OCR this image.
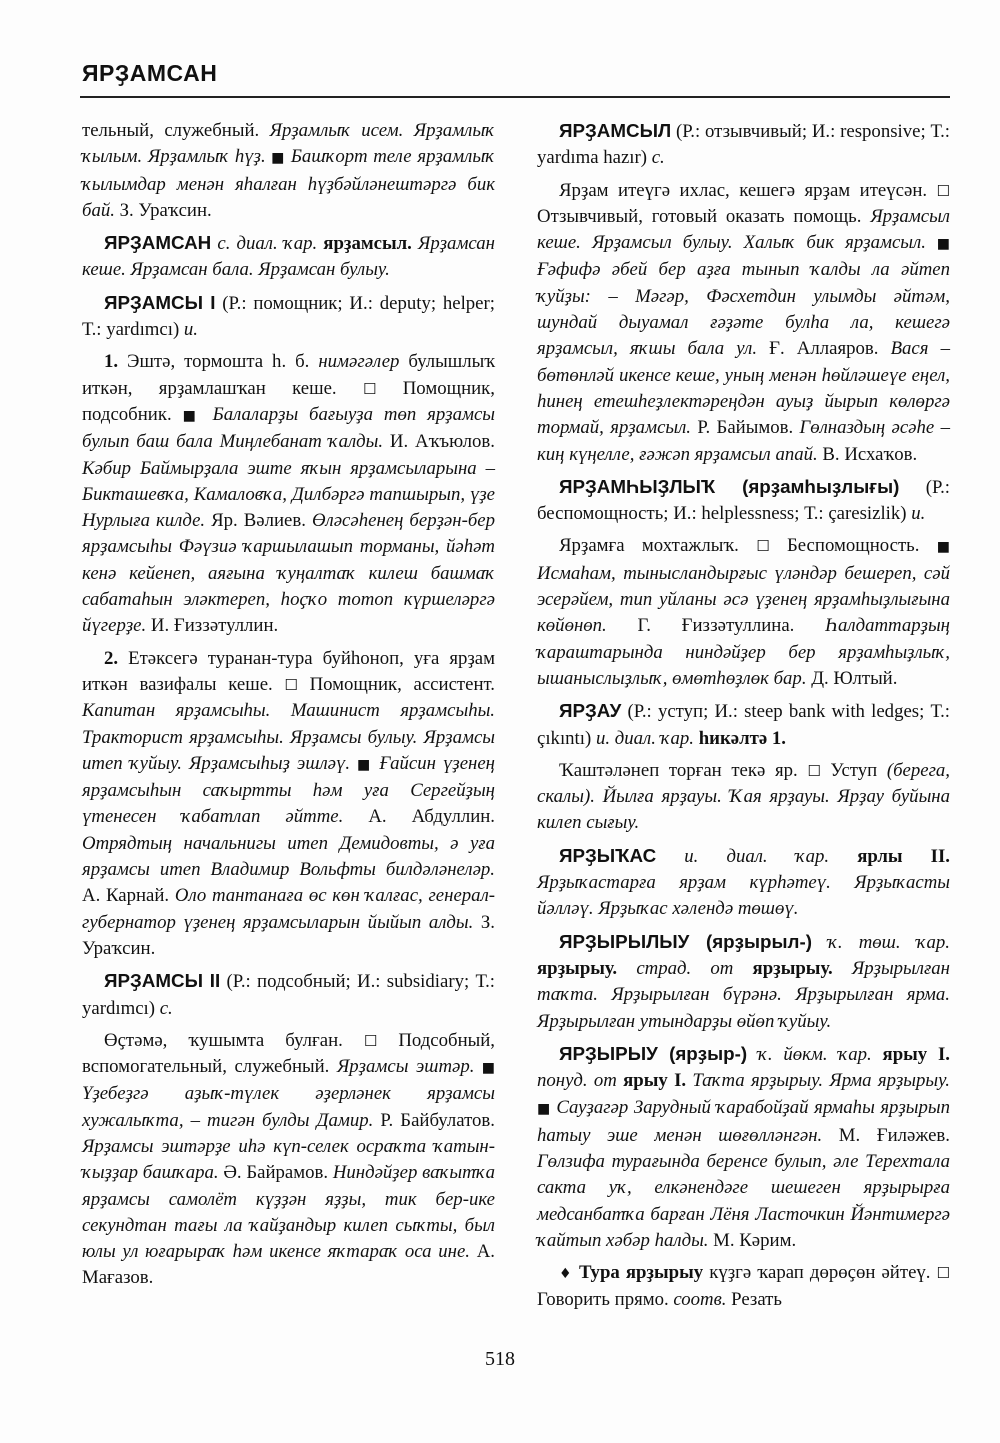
ЯРҘАМСАН

тельный, служебный. Ярҙамлыҡ исем. Ярҙамлыҡ ҡылым. Ярҙамлыҡ һүҙ. ■ Башҡорт теле ярҙамлыҡ ҡылымдар менән яһалған һүҙбәйләнештәргә бик бай. З. Ураҡсин.

ЯРҘАМСАН с. диал. ҡар. ярҙамсыл. Ярҙамсан кеше. Ярҙамсан бала. Ярҙамсан булыу.

ЯРҘАМСЫ I (Р.: помощник; И.: deputy; helper; Т.: yardımcı) и.

1. Эштә, тормошта һ. б. нимәгәлер булышлыҡ иткән, ярҙамлашҡан кеше. ☐ Помощник, подсобник. ■ Балаларҙы бағыуҙа төп ярҙамсы булып баш бала Миңлебанат ҡалды. И. Аҡъюлов. Кәбир Баймырҙала эште яҡын ярҙамсыларына – Бикташевҡа, Камаловҡа, Дилбәргә тапшырып, үҙе Нурлыға килде. Яр. Вәлиев. Өләсәһенең берҙән-бер ярҙамсыһы Фәүзиә ҡаршылашып торманы, йәһәт кенә кейенеп, аяғына ҡуңалтаҡ килеш башмаҡ сабатаһын эләктереп, һоҫҡо тотоп күршеләргә йүгерҙе. И. Ғиззәтуллин.

2. Етәксегә туранан-тура буйһоноп, уға ярҙам иткән вазифалы кеше. ☐ Помощник, ассистент. Капитан ярҙамсыһы. Машинист ярҙамсыһы. Тракторист ярҙамсыһы. Ярҙамсы булыу. Ярҙамсы итеп ҡуйыу. Ярҙамсыһыҙ эшләү. ■ Ғайсин үҙенең ярҙамсыһын саҡыртты һәм уға Сергейҙың үтенесен ҡабатлап әйтте. А. Абдуллин. Отрядтың начальнигы итеп Демидовты, ә уға ярҙамсы итеп Владимир Вольфты билдәләнеләр. А. Карнай. Оло тантанаға өс көн ҡалғас, генерал-губернатор үҙенең ярҙамсыларын йыйып алды. З. Ураҡсин.

ЯРҘАМСЫ II (Р.: подсобный; И.: subsidiary; Т.: yardımcı) с.

Өҫтәмә, ҡушымта булған. ☐ Подсобный, вспомогательный, служебный. Ярҙамсы эштәр. ■ Үҙебеҙгә аҙыҡ-түлек әҙерләнек ярҙамсы хужалыҡта, – тигән булды Дамир. Р. Байбулатов. Ярҙамсы эштәрҙе иһә күп-селек осраҡта ҡатын-ҡыҙҙар башҡара. Ә. Байрамов. Ниндәйҙер ваҡытҡа ярҙамсы самолёт күҙҙән яҙҙы, тик бер-ике секундтан тағы ла ҡайҙандыр килеп сыҡты, был юлы ул юғарыраҡ һәм икенсе яҡтараҡ оса ине. А. Мағазов.

ЯРҘАМСЫЛ (Р.: отзывчивый; И.: responsive; Т.: yardıma hazır) с.

Ярҙам итеүгә ихлас, кешегә ярҙам итеүсән. ☐ Отзывчивый, готовый оказать помощь. Ярҙамсыл кеше. Ярҙамсыл булыу. Халыҡ бик ярҙамсыл. ■ Ғәфифә әбей бер аҙға тынып ҡалды ла әйтеп ҡуйҙы: – Мәгәр, Фәсхетдин улымды әйтәм, шундай дыуамал ғәҙәте булһа ла, кешегә ярҙамсыл, яҡшы бала ул. Ғ. Аллаяров. Вася – бөтөнләй икенсе кеше, уның менән һөйләшеүе еңел, һинең етешһеҙлектәреңдән ауыҙ йырып көлөргә тормай, ярҙамсыл. Р. Байымов. Гөлназдың әсәһе – киң күңелле, ғәжәп ярҙамсыл апай. В. Исхаҡов.

ЯРҘАМҺЫҘЛЫҠ (ярҙамһыҙлығы) (Р.: беспомощность; И.: helplessness; Т.: çaresizlik) и.

Ярҙамға мохтажлыҡ. ☐ Беспомощность. ■ Исмаһам, тынысландырғыс үләндәр бешереп, сәй эсерәйем, тип уйланы әсә үҙенең ярҙамһыҙлығына көйөнөп. Г. Ғиззәтуллина. Һалдаттарҙың ҡараштарында ниндәйҙер бер ярҙамһыҙлыҡ, ышаныслыҙлыҡ, өмөтһөҙлөк бар. Д. Юлтый.

ЯРҘАУ (Р.: уступ; И.: steep bank with ledges; Т.: çıkıntı) и. диал. ҡар. һикәлтә 1.

Ҡаштәләнеп торған текә яр. ☐ Уступ (берега, скалы). Йылға ярҙауы. Ҡая ярҙауы. Ярҙау буйына килеп сығыу.

ЯРҘЫҠАС и. диал. ҡар. ярлы II. Ярҙыҡастарға ярҙам күрһәтеү. Ярҙыҡасты йәлләү. Ярҙыҡас хәлендә төшөү.

ЯРҘЫРЫЛЫУ (ярҙырыл-) ҡ. төш. ҡар. ярҙырыу. страд. от ярҙырыу. Ярҙырылған таҡта. Ярҙырылған бүрәнә. Ярҙырылған ярма. Ярҙырылған утындарҙы өйөп ҡуйыу.

ЯРҘЫРЫУ (ярҙыр-) ҡ. йөкм. ҡар. ярыу I. понуд. от ярыу I. Таҡта ярҙырыу. Ярма ярҙырыу. ■ Сауҙагәр Зарудный ҡарабойҙай ярмаһы ярҙырып һатыу эше менән шөғөлләнгән. М. Ғиләжев. Гөлзифа турағында беренсе булып, әле Терехтала сакта уҡ, елкәнендәге шешеген ярҙырырға медсанбатҡа барған Лёня Ласточкин Йәнтимергә ҡайтып хәбәр һалды. М. Кәрим.

♦ Тура ярҙырыу күҙгә ҡарап дөрөҫөн әйтеү. ☐ Говорить прямо. соотв. Резать

518
